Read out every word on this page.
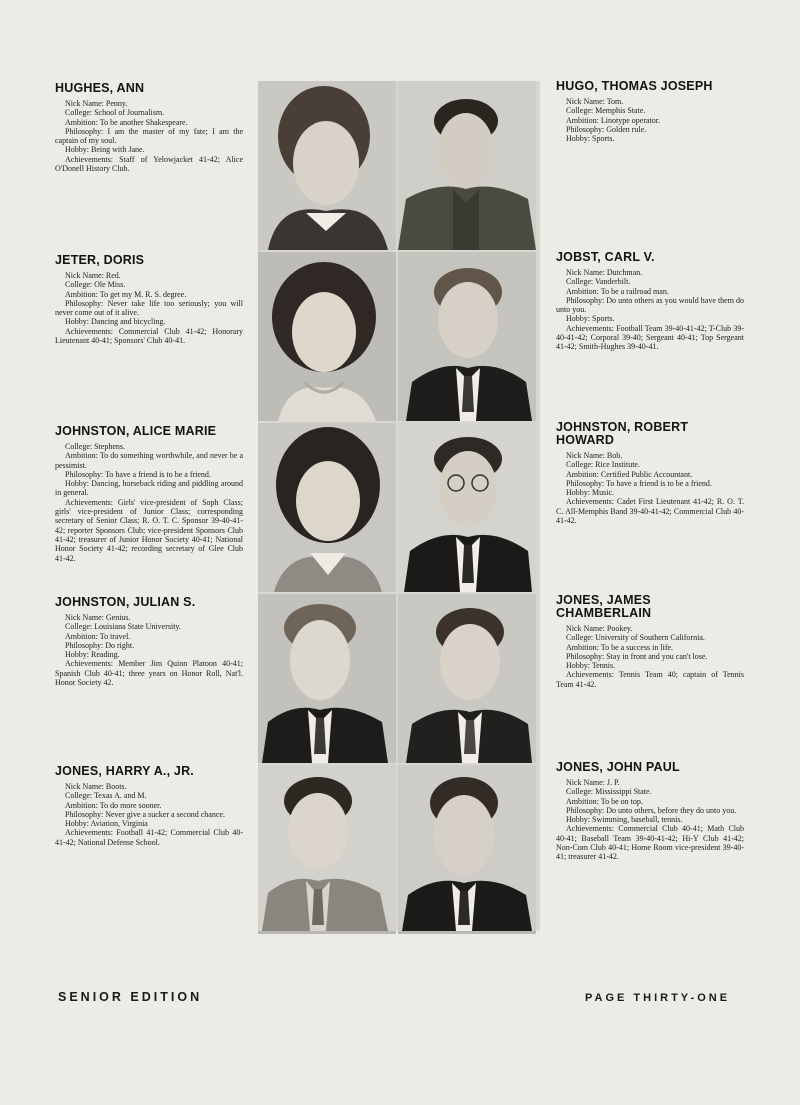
HUGHES, ANN

Nick Name: Penny.

College: School of Journalism.

Ambition: To be another Shakespeare.

Philosophy: I am the master of my fate; I am the captain of my soul.

Hobby: Being with Jane.

Achievements: Staff of Yelowjacket 41-42; Alice O'Donell History Club.

JETER, DORIS

Nick Name: Red.

College: Ole Miss.

Ambition: To get my M. R. S. degree.

Philosophy: Never take life too seriously; you will never come out of it alive.

Hobby: Dancing and bicycling.

Achievements: Commercial Club 41-42; Honorary Lieutenant 40-41; Sponsors' Club 40-41.

JOHNSTON, ALICE MARIE

College: Stephens.

Ambition: To do something worthwhile, and never be a pessimist.

Philosophy: To have a friend is to be a friend.

Hobby: Dancing, horseback riding and piddling around in general.

Achievements: Girls' vice-president of Soph Class; girls' vice-president of Junior Class; corresponding secretary of Senior Class; R. O. T. C. Sponsor 39-40-41-42; reporter Sponsors Club; vice-president Sponsors Club 41-42; treasurer of Junior Honor Society 40-41; National Honor Society 41-42; recording secretary of Glee Club 41-42.

JOHNSTON, JULIAN S.

Nick Name: Genius.

College: Louisiana State University.

Ambition: To travel.

Philosophy: Do right.

Hobby: Reading.

Achievements: Member Jim Quinn Platoon 40-41; Spanish Club 40-41; three years on Honor Roll, Nat'l. Honor Society 42.

JONES, HARRY A., JR.

Nick Name: Boots.

College: Texas A. and M.

Ambition: To do more sooner.

Philosophy: Never give a sucker a second chance.

Hobby: Aviation, Virginia

Achievements: Football 41-42; Commercial Club 40-41-42; National Defense School.

HUGO, THOMAS JOSEPH

Nick Name: Tom.

College: Memphis State.

Ambition: Linotype operator.

Philosophy: Golden rule.

Hobby: Sports.

JOBST, CARL V.

Nick Name: Dutchman.

College: Vanderbilt.

Ambition: To be a railroad man.

Philosophy: Do unto others as you would have them do unto you.

Hobby: Sports.

Achievements: Football Team 39-40-41-42; T-Club 39-40-41-42; Corporal 39-40; Sergeant 40-41; Top Sergeant 41-42; Smith-Hughes 39-40-41.

JOHNSTON, ROBERT HOWARD

Nick Name: Bob.

College: Rice Institute.

Ambition: Certified Public Accountant.

Philosophy: To have a friend is to be a friend.

Hobby: Music.

Achievements: Cadet First Lieutenant 41-42; R. O. T. C. All-Memphis Band 39-40-41-42; Commercial Club 40-41-42.

JONES, JAMES CHAMBERLAIN

Nick Name: Pookey.

College: University of Southern California.

Ambition: To be a success in life.

Philosophy: Stay in front and you can't lose.

Hobby: Tennis.

Achievements: Tennis Team 40; captain of Tennis Team 41-42.

JONES, JOHN PAUL

Nick Name: J. P.

College: Mississippi State.

Ambition: To be on top.

Philosophy: Do unto others, before they do unto you.

Hobby: Swimming, baseball, tennis.

Achievements: Commercial Club 40-41; Math Club 40-41; Baseball Team 39-40-41-42; Hi-Y Club 41-42; Non-Com Club 40-41; Home Room vice-president 39-40-41; treasurer 41-42.

SENIOR EDITION	PAGE THIRTY-ONE
